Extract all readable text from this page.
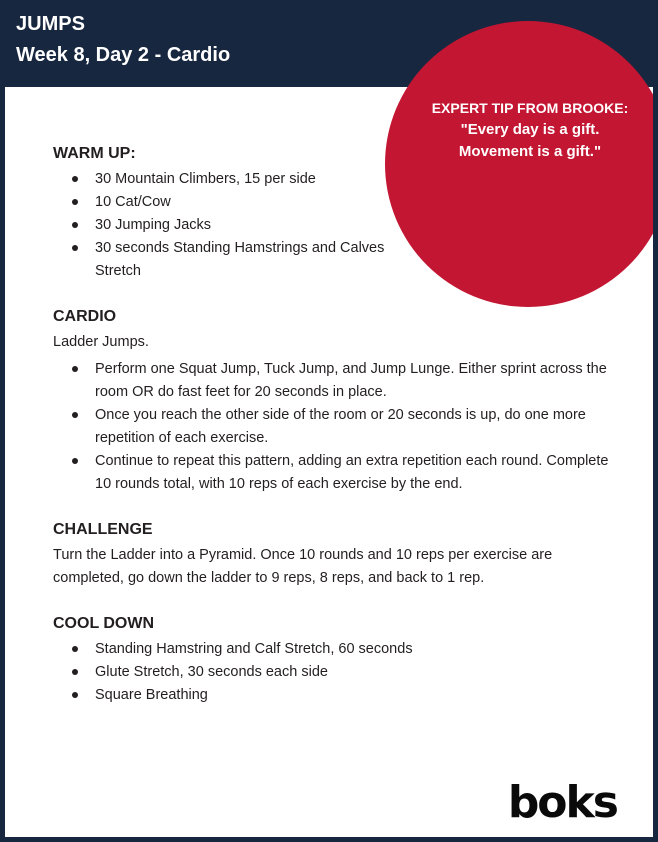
JUMPS

Week 8, Day 2 - Cardio

EXPERT TIP FROM BROOKE:

"Every day is a gift.

Movement is a gift."

WARM UP:

30 Mountain Climbers, 15 per side
10 Cat/Cow
30 Jumping Jacks
30 seconds Standing Hamstrings and Calves Stretch

CARDIO

Ladder Jumps.

Perform one Squat Jump, Tuck Jump, and Jump Lunge. Either sprint across the room OR do fast feet for 20 seconds in place.
Once you reach the other side of the room or 20 seconds is up, do one more repetition of each exercise.
Continue to repeat this pattern, adding an extra repetition each round. Complete 10 rounds total, with 10 reps of each exercise by the end.

CHALLENGE

Turn the Ladder into a Pyramid. Once 10 rounds and 10 reps per exercise are completed, go down the ladder to 9 reps, 8 reps, and back to 1 rep.

COOL DOWN

Standing Hamstring and Calf Stretch, 60 seconds
Glute Stretch, 30 seconds each side
Square Breathing
boks
